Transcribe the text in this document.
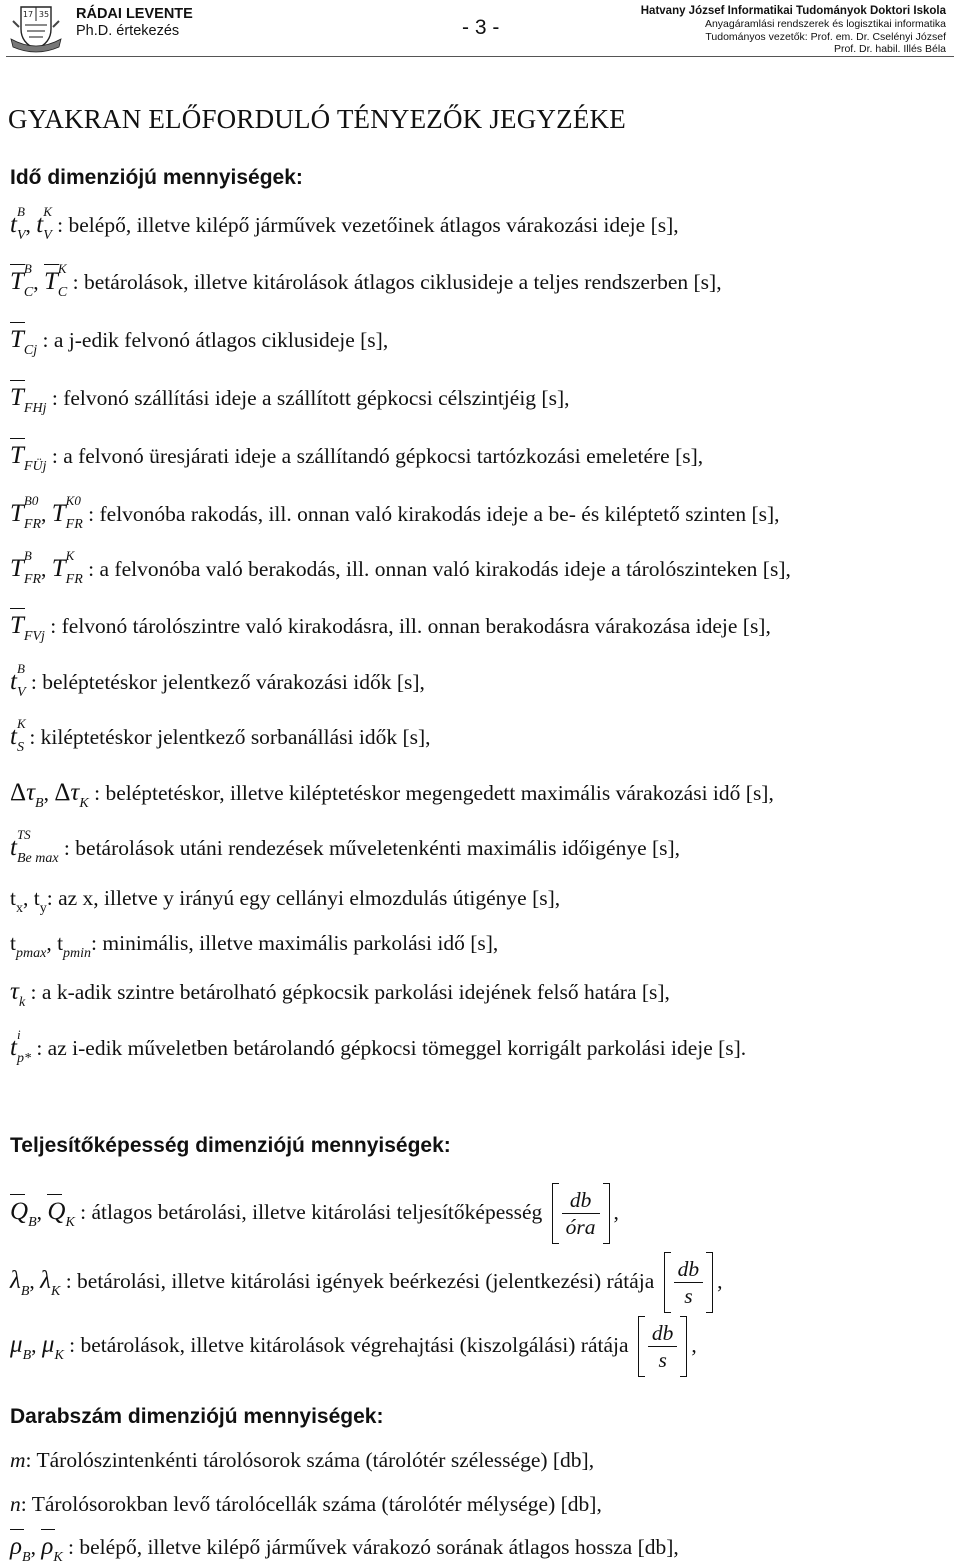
17 35 RÁDAI LEVENTE
Ph.D. értekezés	- 3 -
Hatvany József Informatikai Tudományok Doktori Iskola
Anyagáramlási rendszerek és logisztikai informatika
Tudományos vezetők: Prof. em. Dr. Cselényi József
Prof. Dr. habil. Illés Béla
GYAKRAN ELŐFORDULÓ TÉNYEZŐK JEGYZÉKE
Idő dimenziójú mennyiségek:
t B
$_V$, t K
$_V$ : belépő, illetve kilépő járművek vezetőinek átlagos várakozási ideje [s],
T B
$_C$,
T K
$_C$ : betárolások, illetve kitárolások átlagos ciklusideje a teljes rendszerben [s],
$T_{Cj}$ : a j-edik felvonó átlagos ciklusideje [s],
$T_{FHj}$ : felvonó szállítási ideje a szállított gépkocsi célszintjéig [s],
$T_{FÜj}$ : a felvonó üresjárati ideje a szállítandó gépkocsi tartózkozási emeletére [s],
T B0
$_{FR}$, T K0
$_{FR}$ : felvonóba rakodás, ill. onnan való kirakodás ideje a be- és kiléptető szinten [s],
T B
$_{FR}$, T K
$_{FR}$ : a felvonóba való berakodás, ill. onnan való kirakodás ideje a tárolószinteken [s],
$T_{FVj}$ : felvonó tárolószintre való kirakodásra, ill. onnan berakodásra várakozása ideje [s],
t B
$_V$ : beléptetéskor jelentkező várakozási idők [s],
t K
$_S$ : kiléptetéskor jelentkező sorbanállási idők [s],
$\Delta\tau_B$, $\Delta\tau_K$ : beléptetéskor, illetve kiléptetéskor megengedett maximális várakozási idő [s],
t TS
$_{Be max}$ : betárolások utáni rendezések műveletenkénti maximális időigénye [s],
$t_x$, $t_y$: az x, illetve y irányú egy cellányi elmozdulás útigénye [s],
$t_{pmax}$, $t_{pmin}$: minimális, illetve maximális parkolási idő [s],
$\tau_k$ : a k-adik szintre betárolható gépkocsik parkolási idejének felső határa [s],
t i
$_{p*}$ : az i-edik műveletben betárolandó gépkocsi tömeggel korrigált parkolási ideje [s].
Teljesítőképesség dimenziójú mennyiségek:
$Q_B$,
$Q_K$ : átlagos betárolási, illetve kitárolási teljesítőképesség $\frac{db}{\text{óra}}$ ,
$\lambda_B$, $\lambda_K$ : betárolási, illetve kitárolási igények beérkezési (jelentkezési) rátája $\frac{db}{s}$ ,
$\mu_B$, $\mu_K$ : betárolások, illetve kitárolások végrehajtási (kiszolgálási) rátája $\frac{db}{s}$ ,
Darabszám dimenziójú mennyiségek:
m: Tárolószintenkénti tárolósorok száma (tárolótér szélessége) [db],
n: Tárolósorokban levő tárolócellák száma (tárolótér mélysége) [db],
$\rho_B$,
$\rho_K$ : belépő, illetve kilépő járművek várakozó sorának átlagos hossza [db],
